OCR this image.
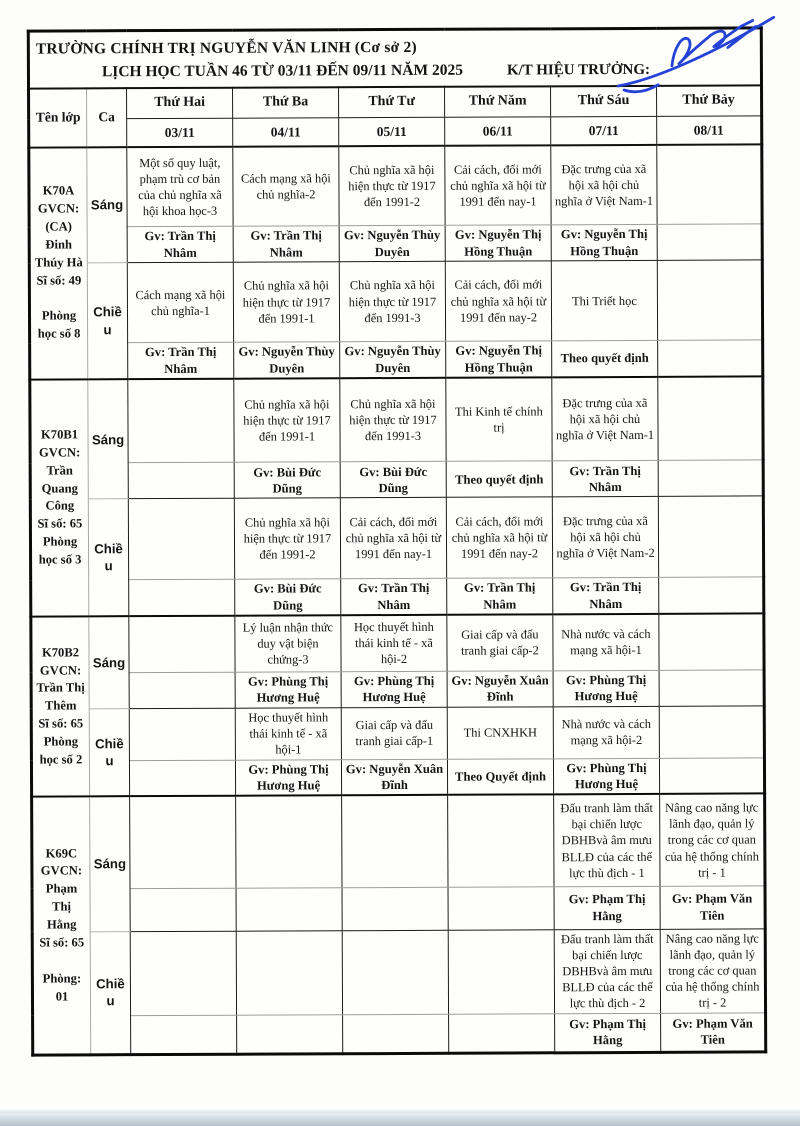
TRƯỜNG CHÍNH TRỊ NGUYỄN VĂN LINH (Cơ sở 2)
LỊCH HỌC TUẦN 46 TỪ 03/11 ĐẾN 09/11 NĂM 2025 K/T HIỆU TRƯỞNG:							

Tên lớp	Ca	Thứ Hai	Thứ Ba	Thứ Tư	Thứ Năm	Thứ Sáu	Thứ Bảy
		03/11	04/11	05/11	06/11	07/11	08/11
K70A
GVCN:
(CA)
Đinh
Thúy Hà
Sĩ số: 49

Phòng
học số 8	Sáng	Một số quy luật, phạm trù cơ bản của chủ nghĩa xã hội khoa học-3	Cách mạng xã hội chủ nghĩa-2	Chủ nghĩa xã hội hiện thực từ 1917 đến 1991-2	Cải cách, đổi mới chủ nghĩa xã hội từ 1991 đến nay-1	Đặc trưng của xã hội xã hội chủ nghĩa ở Việt Nam-1	
		Gv: Trần Thị Nhâm	Gv: Trần Thị Nhâm	Gv: Nguyễn Thùy Duyên	Gv: Nguyễn Thị Hồng Thuận	Gv: Nguyễn Thị Hồng Thuận	
	Chiều	Cách mạng xã hội chủ nghĩa-1	Chủ nghĩa xã hội hiện thực từ 1917 đến 1991-1	Chủ nghĩa xã hội hiện thực từ 1917 đến 1991-3	Cải cách, đổi mới chủ nghĩa xã hội từ 1991 đến nay-2	Thi Triết học	
		Gv: Trần Thị Nhâm	Gv: Nguyễn Thùy Duyên	Gv: Nguyễn Thùy Duyên	Gv: Nguyễn Thị Hồng Thuận	Theo quyết định	
K70B1
GVCN:
Trần
Quang
Công
Sĩ số: 65
Phòng
học số 3	Sáng		Chủ nghĩa xã hội hiện thực từ 1917 đến 1991-1	Chủ nghĩa xã hội hiện thực từ 1917 đến 1991-3	Thi Kinh tế chính trị	Đặc trưng của xã hội xã hội chủ nghĩa ở Việt Nam-1	
			Gv: Bùi Đức Dũng	Gv: Bùi Đức Dũng	Theo quyết định	Gv: Trần Thị Nhâm	
	Chiều		Chủ nghĩa xã hội hiện thực từ 1917 đến 1991-2	Cải cách, đổi mới chủ nghĩa xã hội từ 1991 đến nay-1	Cải cách, đổi mới chủ nghĩa xã hội từ 1991 đến nay-2	Đặc trưng của xã hội xã hội chủ nghĩa ở Việt Nam-2	
			Gv: Bùi Đức Dũng	Gv: Trần Thị Nhâm	Gv: Trần Thị Nhâm	Gv: Trần Thị Nhâm	
K70B2
GVCN:
Trần Thị
Thêm
Sĩ số: 65
Phòng
học số 2	Sáng		Lý luận nhận thức duy vật biện chứng-3	Học thuyết hình thái kinh tế - xã hội-2	Giai cấp và đấu tranh giai cấp-2	Nhà nước và cách mạng xã hội-1	
			Gv: Phùng Thị Hương Huệ	Gv: Phùng Thị Hương Huệ	Gv: Nguyễn Xuân Đĩnh	Gv: Phùng Thị Hương Huệ	
	Chiều		Học thuyết hình thái kinh tế - xã hội-1	Giai cấp và đấu tranh giai cấp-1	Thi CNXHKH	Nhà nước và cách mạng xã hội-2	
			Gv: Phùng Thị Hương Huệ	Gv: Nguyễn Xuân Đĩnh	Theo Quyết định	Gv: Phùng Thị Hương Huệ	
K69C
GVCN:
Phạm
Thị Hằng
Sĩ số: 65

Phòng: 01	Sáng					Đấu tranh làm thất bại chiến lược DBHBvà âm mưu BLLĐ của các thế lực thù địch - 1	Nâng cao năng lực lãnh đạo, quản lý trong các cơ quan của hệ thống chính trị - 1
						Gv: Phạm Thị Hằng	Gv: Phạm Văn Tiên
	Chiều					Đấu tranh làm thất bại chiến lược DBHBvà âm mưu BLLĐ của các thế lực thù địch - 2	Nâng cao năng lực lãnh đạo, quản lý trong các cơ quan của hệ thống chính trị - 2
						Gv: Phạm Thị Hằng	Gv: Phạm Văn Tiên
